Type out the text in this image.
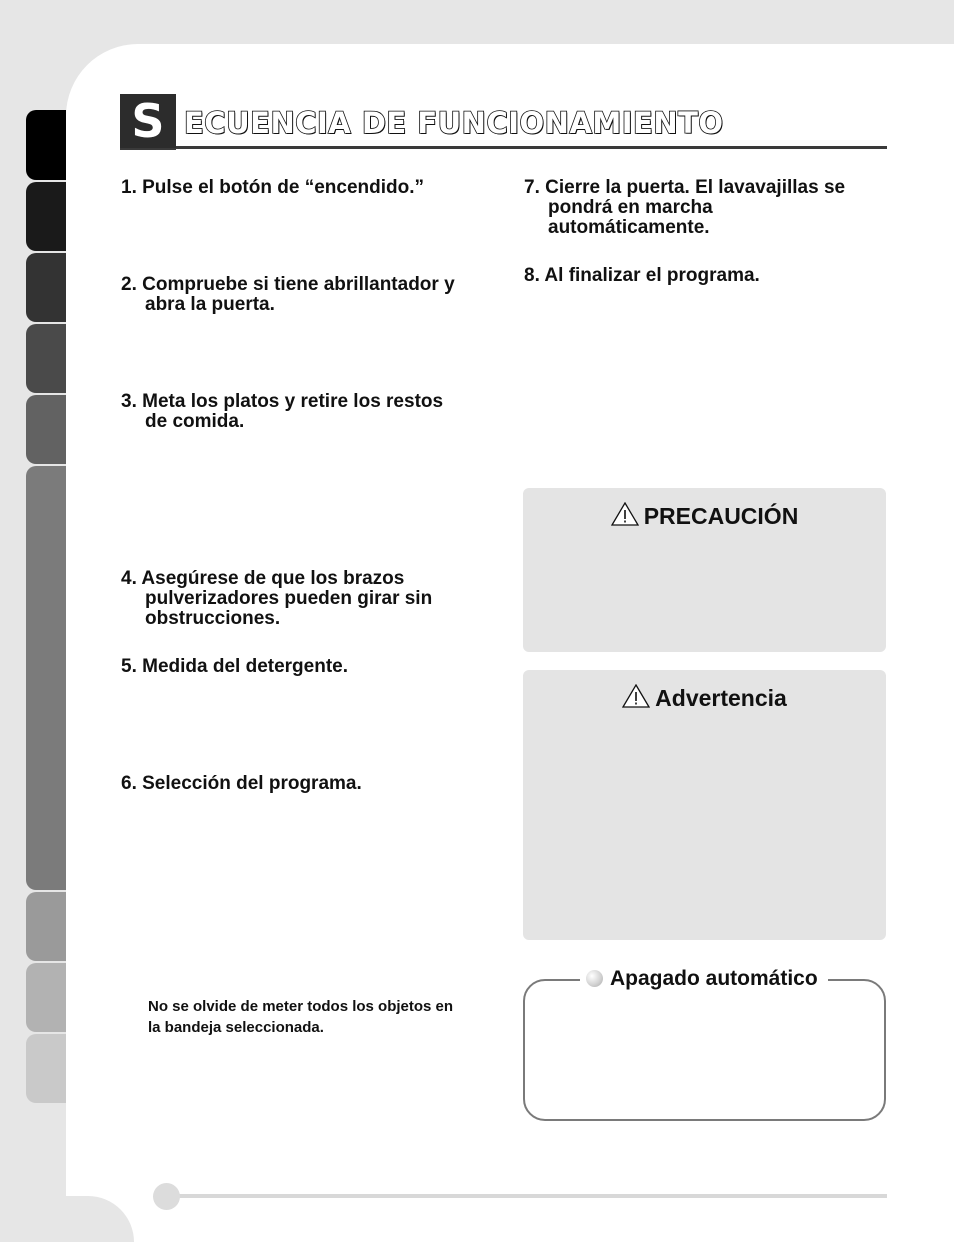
S ECUENCIA DE FUNCIONAMIENTO
1. Pulse el botón de “encendido.”
2. Compruebe si tiene abrillantador y
abra la puerta.
3. Meta los platos y retire los restos
de comida.
4. Asegúrese de que los brazos
pulverizadores pueden girar sin
obstrucciones.
5. Medida del detergente.
6. Selección del programa.
7. Cierre la puerta. El lavavajillas se
pondrá en marcha
automáticamente.
8. Al finalizar el programa.
No se olvide de meter todos los objetos en
la bandeja seleccionada.
PRECAUCIÓN
Advertencia
Apagado automático
